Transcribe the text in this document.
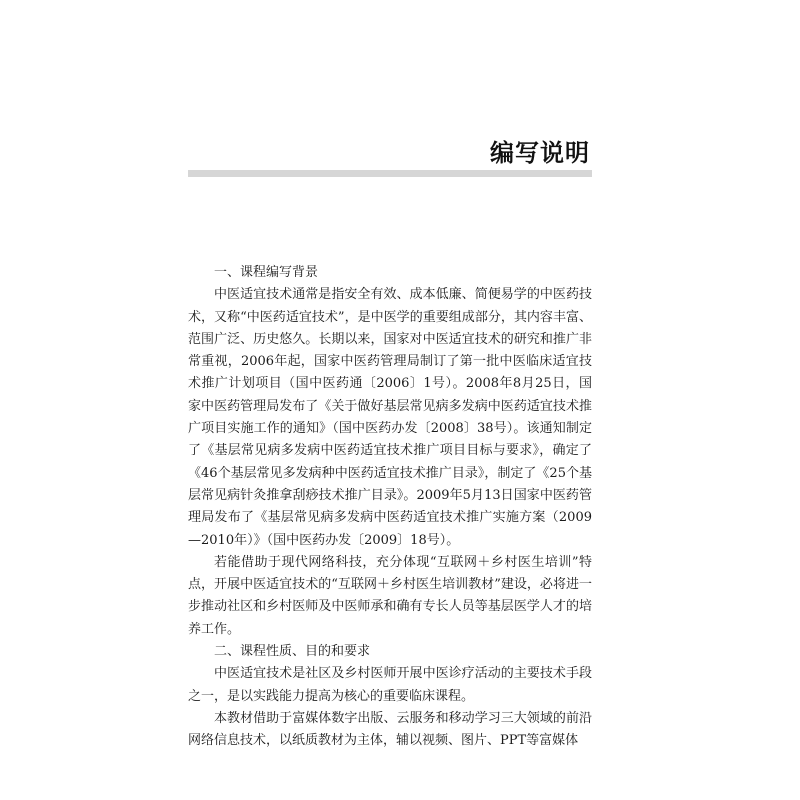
编写说明

一、课程编写背景

中医适宜技术通常是指安全有效、成本低廉、简便易学的中医药技术，又称“中医药适宜技术”，是中医学的重要组成部分，其内容丰富、范围广泛、历史悠久。长期以来，国家对中医适宜技术的研究和推广非常重视，2006年起，国家中医药管理局制订了第一批中医临床适宜技术推广计划项目（国中医药通〔2006〕1号）。2008年8月25日，国家中医药管理局发布了《关于做好基层常见病多发病中医药适宜技术推广项目实施工作的通知》（国中医药办发〔2008〕38号）。该通知制定了《基层常见病多发病中医药适宜技术推广项目目标与要求》，确定了《46个基层常见多发病种中医药适宜技术推广目录》，制定了《25个基层常见病针灸推拿刮痧技术推广目录》。2009年5月13日国家中医药管理局发布了《基层常见病多发病中医药适宜技术推广实施方案（2009—2010年）》（国中医药办发〔2009〕18号）。

若能借助于现代网络科技，充分体现“互联网＋乡村医生培训”特点，开展中医适宜技术的“互联网＋乡村医生培训教材”建设，必将进一步推动社区和乡村医师及中医师承和确有专长人员等基层医学人才的培养工作。

二、课程性质、目的和要求

中医适宜技术是社区及乡村医师开展中医诊疗活动的主要技术手段之一，是以实践能力提高为核心的重要临床课程。

本教材借助于富媒体数字出版、云服务和移动学习三大领域的前沿网络信息技术，以纸质教材为主体，辅以视频、图片、PPT等富媒体
